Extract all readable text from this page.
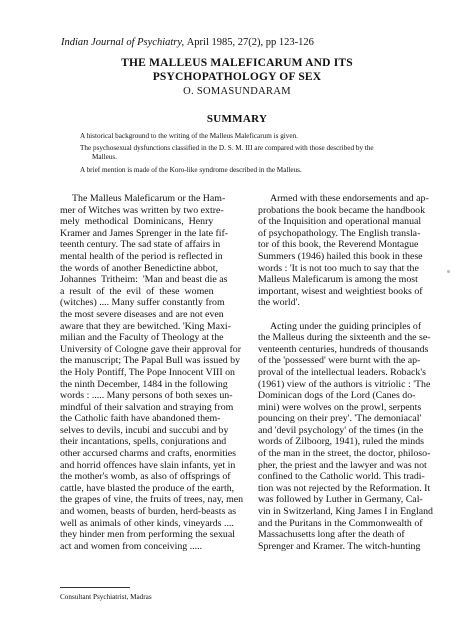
Indian Journal of Psychiatry, April 1985, 27(2), pp 123-126
THE MALLEUS MALEFICARUM AND ITS
PSYCHOPATHOLOGY OF SEX
O. SOMASUNDARAM
SUMMARY
A historical background to the writing of the Malleus Maleficarum is given.
The psychosexual dysfunctions classified in the D. S. M. III are compared with those described by the
Malleus.
A brief mention is made of the Koro-like syndrome described in the Malleus.
The Malleus Maleficarum or the Ham-
mer of Witches was written by two extre-
mely  methodical  Dominicans,  Henry
Kramer and James Sprenger in the late fif-
teenth century. The sad state of affairs in
mental health of the period is reflected in
the words of another Benedictine abbot,
Johannes  Tritheim:  'Man and beast die as
a  result  of  the  evil  of  these  women
(witches) .... Many suffer constantly from
the most severe diseases and are not even
aware that they are bewitched. 'King Maxi-
milian and the Faculty of Theology at the
University of Cologne gave their approval for
the manuscript; The Papal Bull was issued by
the Holy Pontiff, The Pope Innocent VIII on
the ninth December, 1484 in the following
words : ..... Many persons of both sexes un-
mindful of their salvation and straying from
the Catholic faith have abandoned them-
selves to devils, incubi and succubi and by
their incantations, spells, conjurations and
other accursed charms and crafts, enormities
and horrid offences have slain infants, yet in
the mother's womb, as also of offsprings of
cattle, have blasted the produce of the earth,
the grapes of vine, the fruits of trees, nay, men
and women, beasts of burden, herd-beasts as
well as animals of other kinds, vineyards ....
they hinder men from performing the sexual
act and women from conceiving .....
Armed with these endorsements and ap-
probations the book became the handbook
of the Inquisition and operational manual
of psychopathology. The English transla-
tor of this book, the Reverend Montague
Summers (1946) hailed this book in these
words : 'It is not too much to say that the
Malleus Maleficarum is among the most
important, wisest and weightiest books of
the world'.
Acting under the guiding principles of
the Malleus during the sixteenth and the se-
venteenth centuries, hundreds of thousands
of the 'possessed' were burnt with the ap-
proval of the intellectual leaders. Roback's
(1961) view of the authors is vitriolic : 'The
Dominican dogs of the Lord (Canes do-
mini) were wolves on the prowl, serpents
pouncing on their prey'. 'The demoniacal'
and 'devil psychology' of the times (in the
words of Zilboorg, 1941), ruled the minds
of the man in the street, the doctor, philoso-
pher, the priest and the lawyer and was not
confined to the Catholic world. This tradi-
tion was not rejected by the Reformation. It
was followed by Luther in Germany, Cal-
vin in Switzerland, King James I in England
and the Puritans in the Commonwealth of
Massachusetts long after the death of
Sprenger and Kramer. The witch-hunting
Consultant Psychiatrist, Madras
